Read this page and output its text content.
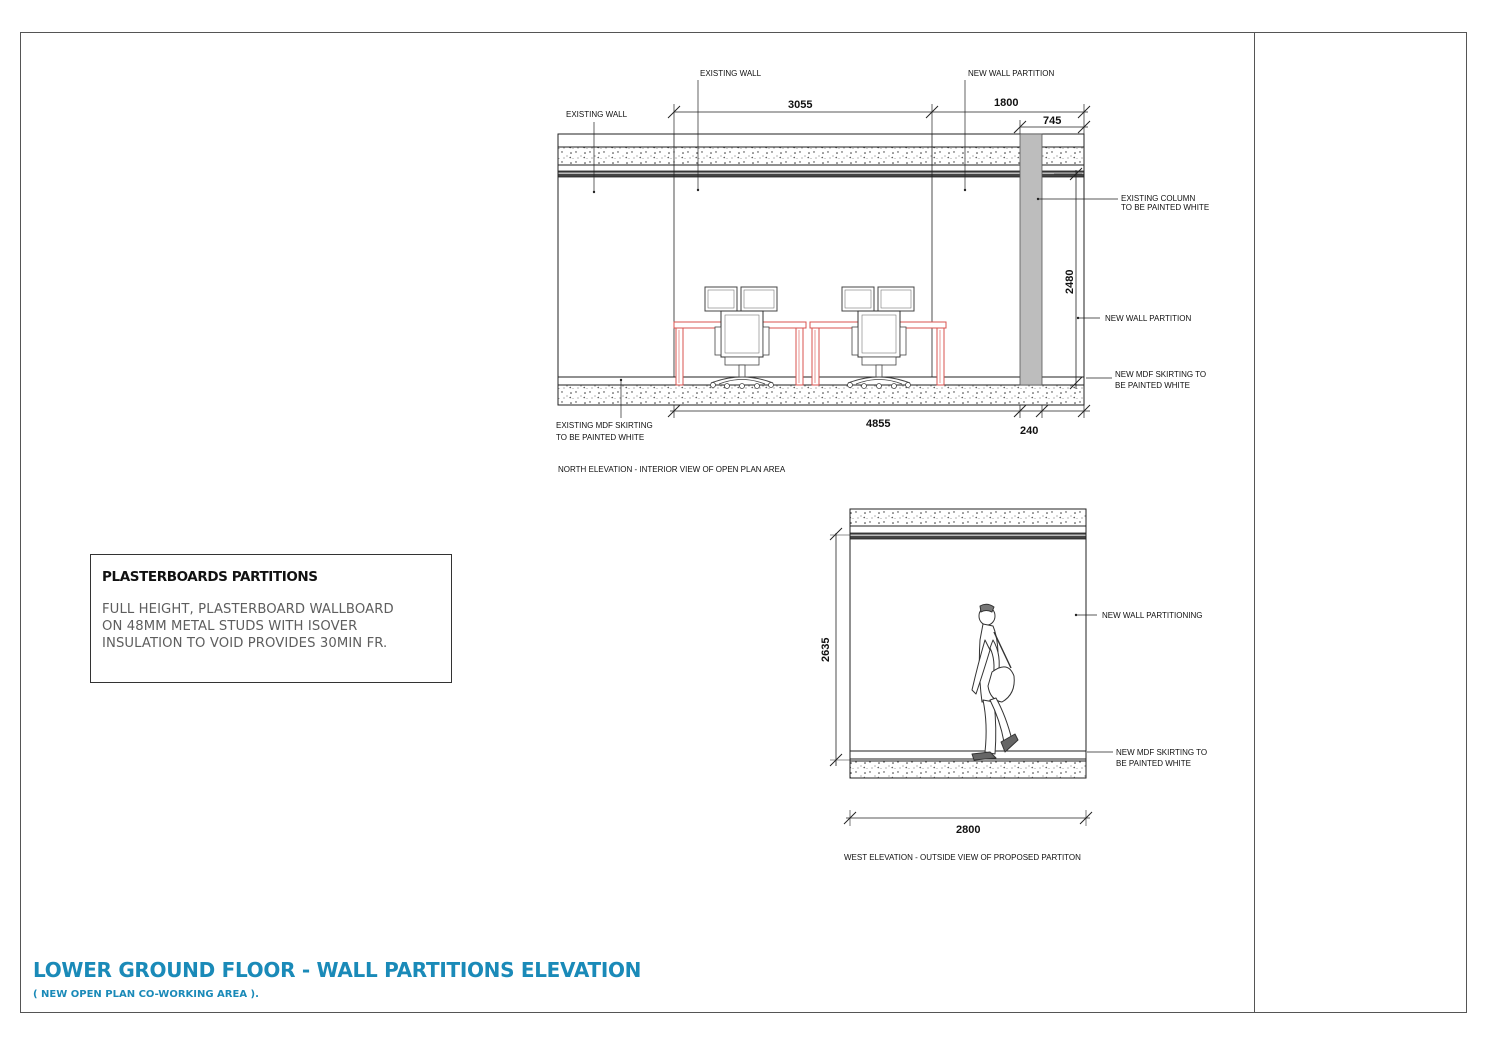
EXISTING WALL
EXISTING WALL	NEW WALL PARTITION
EXISTING COLUMN
TO BE PAINTED WHITE
NEW WALL PARTITION
NEW MDF SKIRTING TO
BE PAINTED WHITE
EXISTING MDF SKIRTING
TO BE PAINTED WHITE
3055	1800
745
2480
4855
240
NORTH ELEVATION - INTERIOR VIEW OF OPEN PLAN AREA
NEW WALL PARTITIONING
NEW MDF SKIRTING TO
BE PAINTED WHITE
2635
2800
WEST ELEVATION - OUTSIDE VIEW OF PROPOSED PARTITON

PLASTERBOARDS PARTITIONS

FULL HEIGHT, PLASTERBOARD WALLBOARD
ON 48MM METAL STUDS WITH ISOVER
INSULATION TO VOID PROVIDES 30MIN FR.

LOWER GROUND FLOOR - WALL PARTITIONS ELEVATION

( NEW OPEN PLAN CO-WORKING AREA ).
